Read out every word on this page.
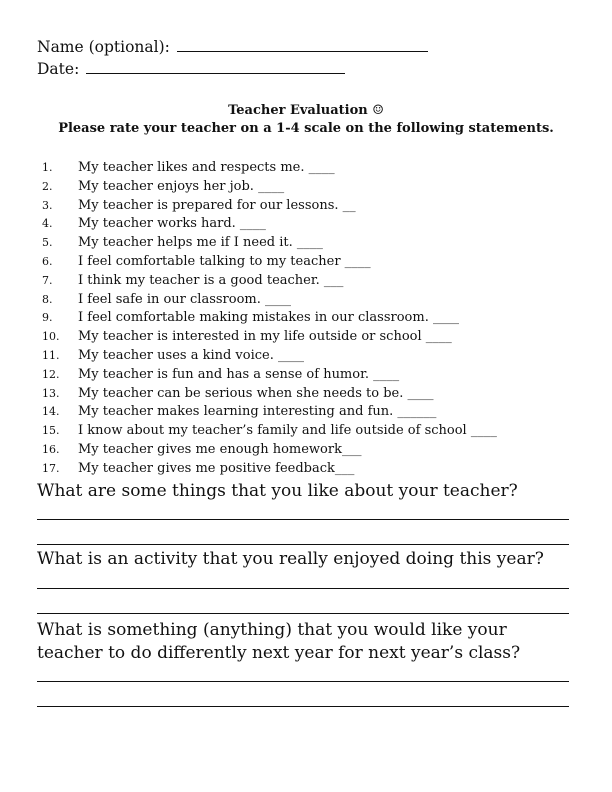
Name (optional):
Date:
Teacher Evaluation ☺
Please rate your teacher on a 1-4 scale on the following statements.
1.	My teacher likes and respects me. ____
2.	My teacher enjoys her job. ____
3.	My teacher is prepared for our lessons. __
4.	My teacher works hard. ____
5.	My teacher helps me if I need it. ____
6.	I feel comfortable talking to my teacher ____
7.	I think my teacher is a good teacher. ___
8.	I feel safe in our classroom. ____
9.	I feel comfortable making mistakes in our classroom. ____
10.	My teacher is interested in my life outside or school ____
11.	My teacher uses a kind voice. ____
12.	My teacher is fun and has a sense of humor. ____
13.	My teacher can be serious when she needs to be. ____
14.	My teacher makes learning interesting and fun. ______
15.	I know about my teacher’s family and life outside of school ____
16.	My teacher gives me enough homework___
17.	My teacher gives me positive feedback___
What are some things that you like about your teacher?
What is an activity that you really enjoyed doing this year?
What is something (anything) that you would like your teacher to do differently next year for next year’s class?
